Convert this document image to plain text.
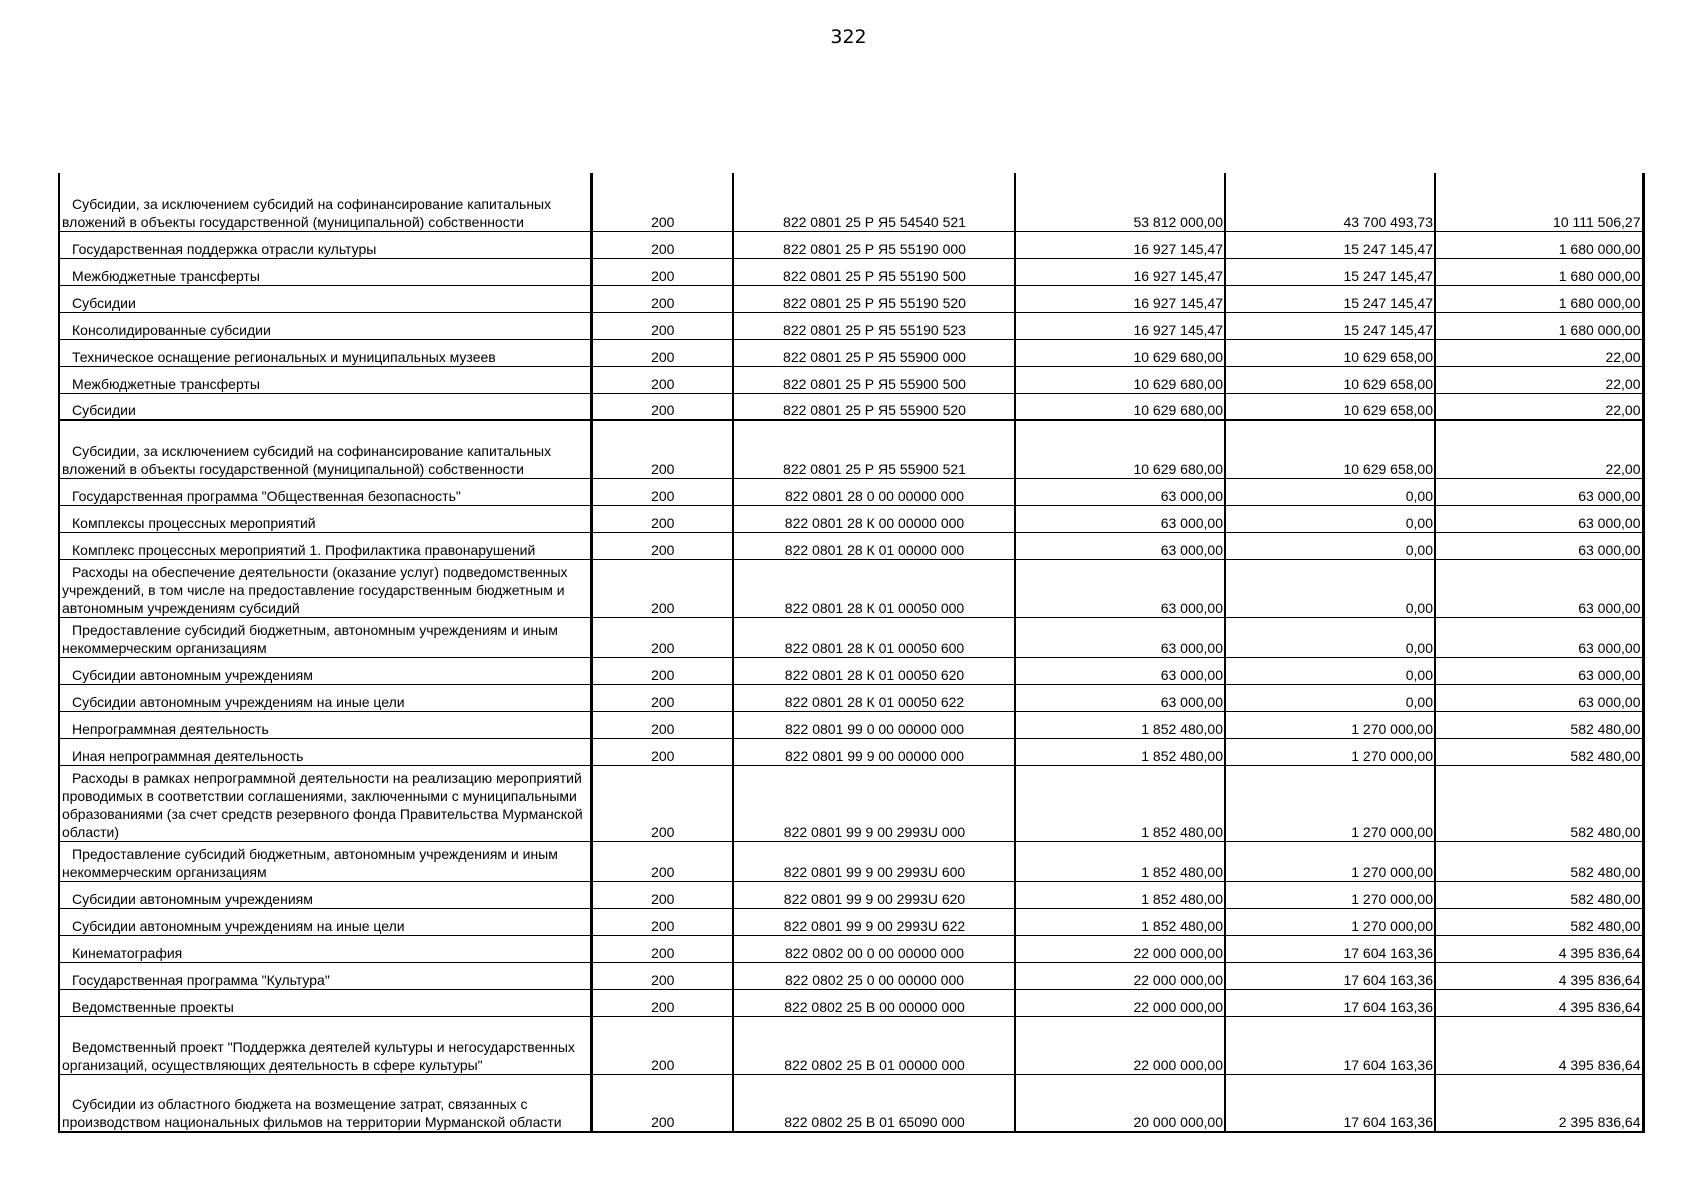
322
Субсидии, за исключением субсидий на софинансирование капитальных вложений в объекты государственной (муниципальной) собственности	200	822 0801 25 Р Я5 54540 521	53 812 000,00	43 700 493,73	10 111 506,27
Государственная поддержка отрасли культуры	200	822 0801 25 Р Я5 55190 000	16 927 145,47	15 247 145,47	1 680 000,00
Межбюджетные трансферты	200	822 0801 25 Р Я5 55190 500	16 927 145,47	15 247 145,47	1 680 000,00
Субсидии	200	822 0801 25 Р Я5 55190 520	16 927 145,47	15 247 145,47	1 680 000,00
Консолидированные субсидии	200	822 0801 25 Р Я5 55190 523	16 927 145,47	15 247 145,47	1 680 000,00
Техническое оснащение региональных и муниципальных музеев	200	822 0801 25 Р Я5 55900 000	10 629 680,00	10 629 658,00	22,00
Межбюджетные трансферты	200	822 0801 25 Р Я5 55900 500	10 629 680,00	10 629 658,00	22,00
Субсидии	200	822 0801 25 Р Я5 55900 520	10 629 680,00	10 629 658,00	22,00
Субсидии, за исключением субсидий на софинансирование капитальных вложений в объекты государственной (муниципальной) собственности	200	822 0801 25 Р Я5 55900 521	10 629 680,00	10 629 658,00	22,00
Государственная программа "Общественная безопасность"	200	822 0801 28 0 00 00000 000	63 000,00	0,00	63 000,00
Комплексы процессных мероприятий	200	822 0801 28 К 00 00000 000	63 000,00	0,00	63 000,00
Комплекс процессных мероприятий 1. Профилактика правонарушений	200	822 0801 28 К 01 00000 000	63 000,00	0,00	63 000,00
Расходы на обеспечение деятельности (оказание услуг) подведомственных учреждений, в том числе на предоставление государственным бюджетным и автономным учреждениям субсидий	200	822 0801 28 К 01 00050 000	63 000,00	0,00	63 000,00
Предоставление субсидий бюджетным, автономным учреждениям и иным некоммерческим организациям	200	822 0801 28 К 01 00050 600	63 000,00	0,00	63 000,00
Субсидии автономным учреждениям	200	822 0801 28 К 01 00050 620	63 000,00	0,00	63 000,00
Субсидии автономным учреждениям на иные цели	200	822 0801 28 К 01 00050 622	63 000,00	0,00	63 000,00
Непрограммная деятельность	200	822 0801 99 0 00 00000 000	1 852 480,00	1 270 000,00	582 480,00
Иная непрограммная деятельность	200	822 0801 99 9 00 00000 000	1 852 480,00	1 270 000,00	582 480,00
Расходы в рамках непрограммной деятельности на реализацию мероприятий проводимых в соответствии соглашениями, заключенными с муниципальными образованиями (за счет средств резервного фонда Правительства Мурманской области)	200	822 0801 99 9 00 2993U 000	1 852 480,00	1 270 000,00	582 480,00
Предоставление субсидий бюджетным, автономным учреждениям и иным некоммерческим организациям	200	822 0801 99 9 00 2993U 600	1 852 480,00	1 270 000,00	582 480,00
Субсидии автономным учреждениям	200	822 0801 99 9 00 2993U 620	1 852 480,00	1 270 000,00	582 480,00
Субсидии автономным учреждениям на иные цели	200	822 0801 99 9 00 2993U 622	1 852 480,00	1 270 000,00	582 480,00
Кинематография	200	822 0802 00 0 00 00000 000	22 000 000,00	17 604 163,36	4 395 836,64
Государственная программа "Культура"	200	822 0802 25 0 00 00000 000	22 000 000,00	17 604 163,36	4 395 836,64
Ведомственные проекты	200	822 0802 25 В 00 00000 000	22 000 000,00	17 604 163,36	4 395 836,64
Ведомственный проект "Поддержка деятелей культуры и негосударственных организаций, осуществляющих деятельность в сфере культуры"	200	822 0802 25 В 01 00000 000	22 000 000,00	17 604 163,36	4 395 836,64
Субсидии из областного бюджета на возмещение затрат, связанных с производством национальных фильмов на территории Мурманской области	200	822 0802 25 В 01 65090 000	20 000 000,00	17 604 163,36	2 395 836,64
